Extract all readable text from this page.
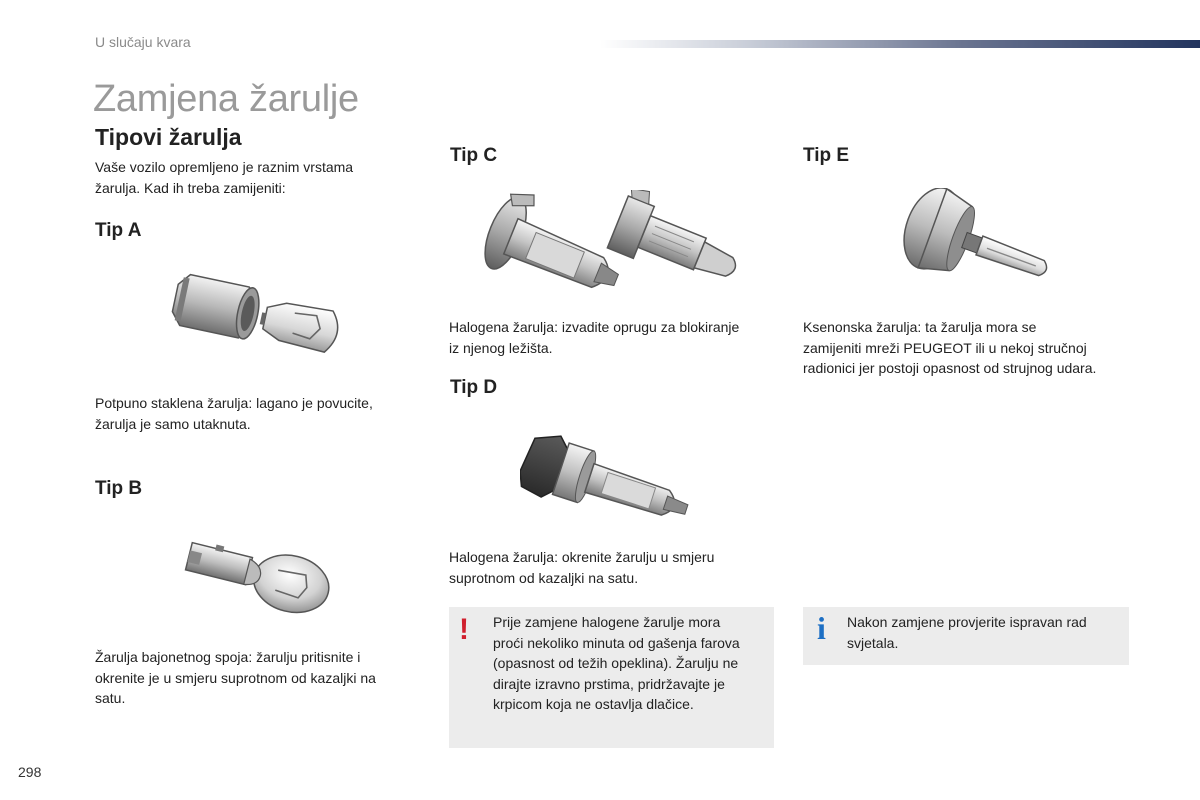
U slučaju kvara
Zamjena žarulje
Tipovi žarulja
Vaše vozilo opremljeno je raznim vrstama
žarulja. Kad ih treba zamijeniti:
Tip A
Potpuno staklena žarulja: lagano je povucite,
žarulja je samo utaknuta.
Tip B
Žarulja bajonetnog spoja: žarulju pritisnite i
okrenite je u smjeru suprotnom od kazaljki na
satu.
Tip C
Halogena žarulja: izvadite oprugu za blokiranje
iz njenog ležišta.
Tip D
Halogena žarulja: okrenite žarulju u smjeru
suprotnom od kazaljki na satu.
! Prije zamjene halogene žarulje mora
proći nekoliko minuta od gašenja farova
(opasnost od težih opeklina). Žarulju ne
dirajte izravno prstima, pridržavajte je
krpicom koja ne ostavlja dlačice.
Tip E
Ksenonska žarulja: ta žarulja mora se
zamijeniti mreži PEUGEOT ili u nekoj stručnoj
radionici jer postoji opasnost od strujnog udara.
i Nakon zamjene provjerite ispravan rad
svjetala.
298
